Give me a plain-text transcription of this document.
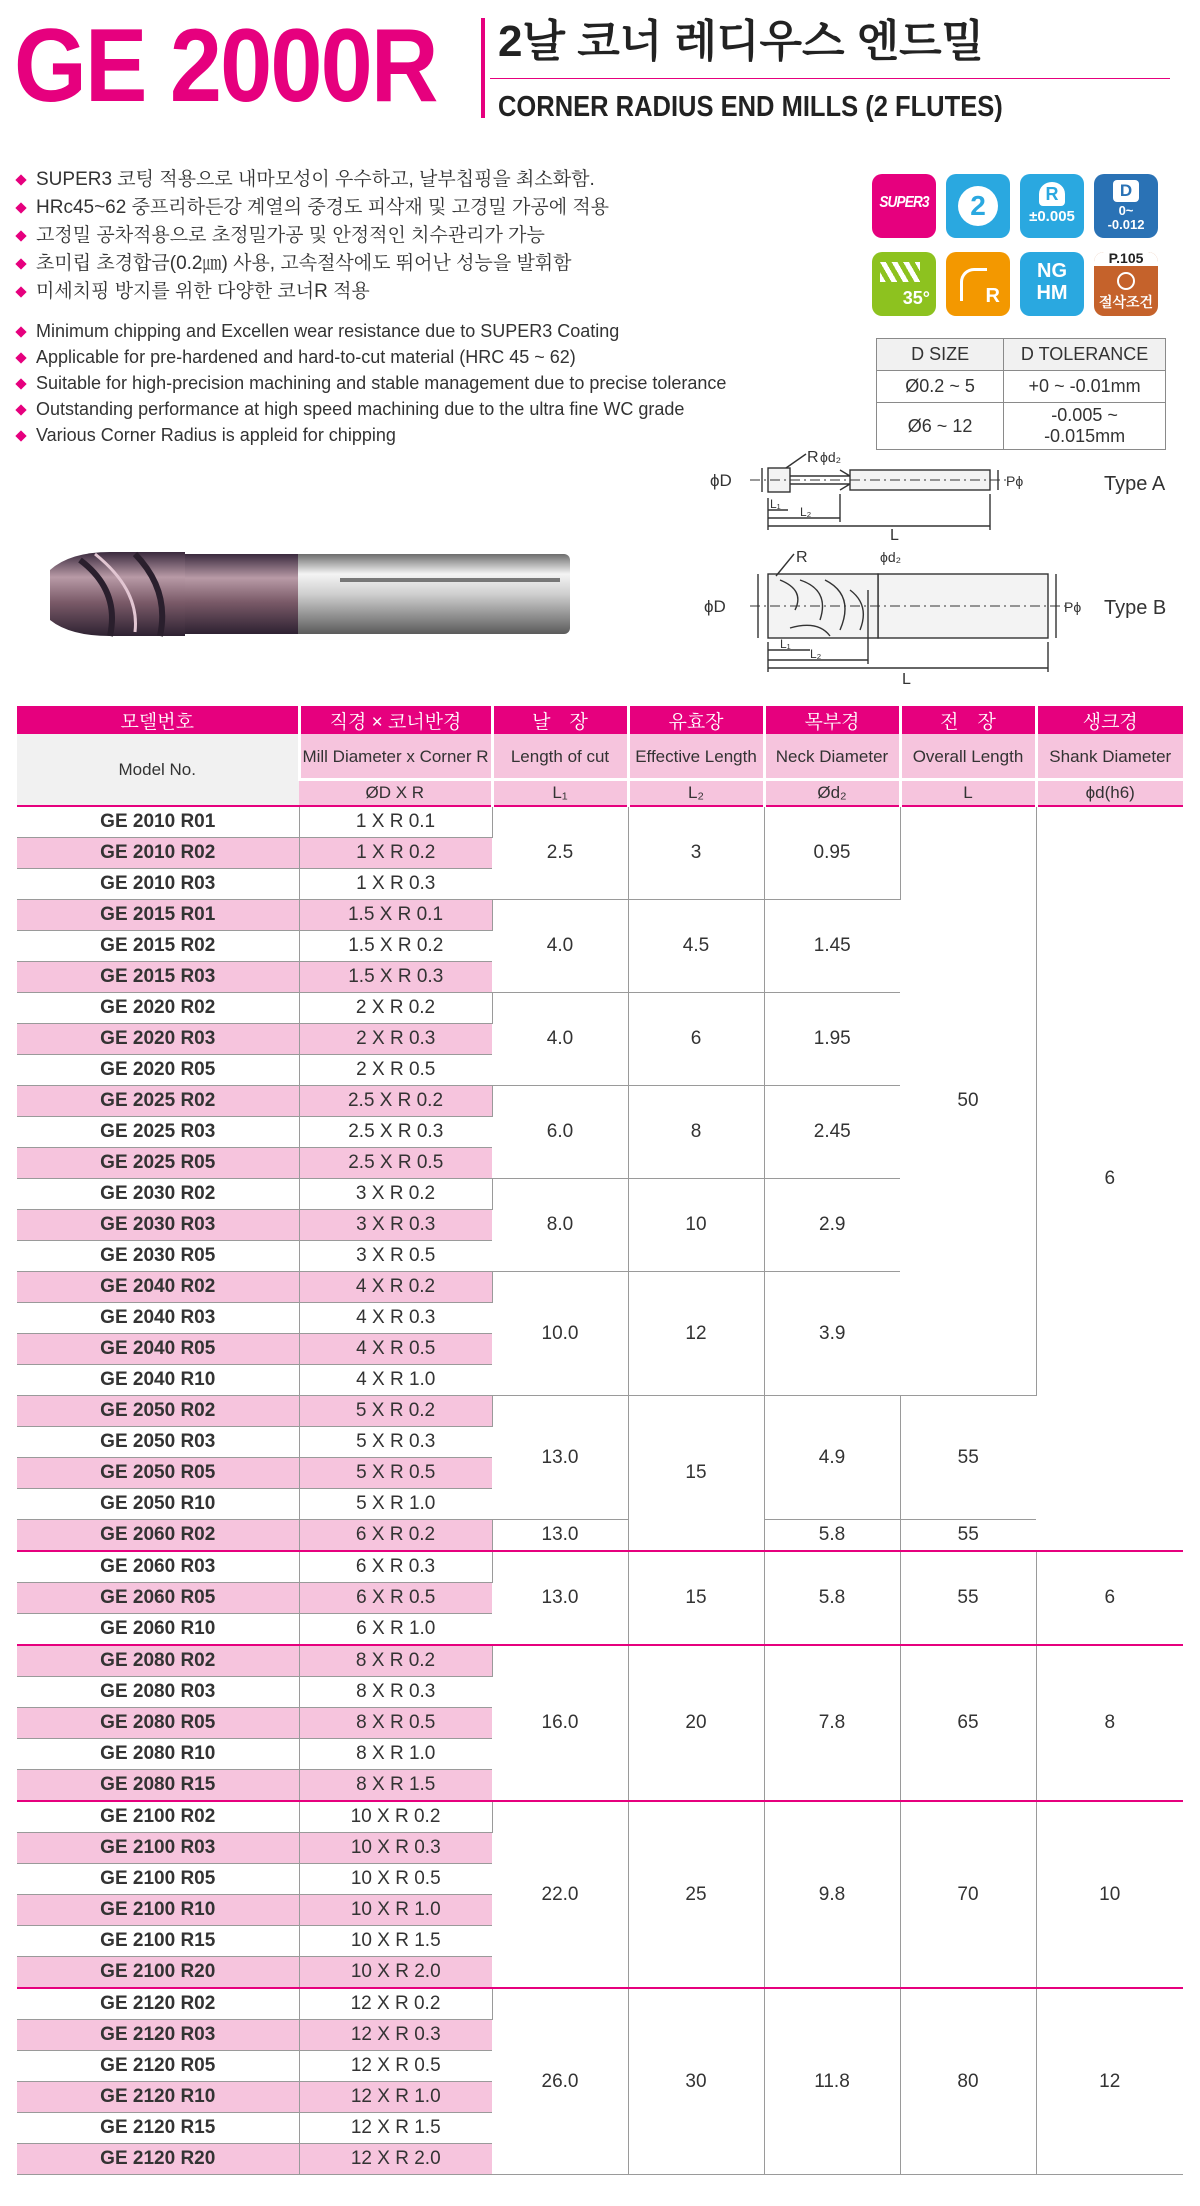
GE 2000R 2날 코너 레디우스 엔드밀
CORNER RADIUS END MILLS (2 FLUTES)
SUPER3 코팅 적용으로 내마모성이 우수하고, 날부칩핑을 최소화함.
HRc45~62 중프리하든강 계열의 중경도 피삭재 및 고경밀 가공에 적용
고정밀 공차적용으로 초정밀가공 및 안정적인 치수관리가 가능
초미립 초경합금(0.2㎛) 사용, 고속절삭에도 뛰어난 성능을 발휘함
미세치핑 방지를 위한 다양한 코너R 적용
Minimum chipping and Excellen wear resistance due to SUPER3 Coating
Applicable for pre-hardened and hard-to-cut material (HRC 45 ~ 62)
Suitable for high-precision machining and stable management due to precise tolerance
Outstanding performance at high speed machining due to the ultra fine WC grade
Various Corner Radius is appleid for chipping
SUPER3	2	R
±0.005
D
0~
-0.012
35°	R
NG
HM
P.105
절삭조건
D SIZE	D TOLERANCE
Ø0.2 ~ 5	+0 ~ -0.01mm
Ø6 ~ 12	-0.005 ~ -0.015mm
ϕD
R ϕd₂
L₁
L₂
L
Pϕ	Type A
ϕD
R	ϕd₂
L₁
L₂
L
Pϕ Type B
모델번호	직경 × 코너반경	날　장	유효장	목부경	전　장	생크경
Model No.	Mill Diameter x Corner R	Length of cut	Effective Length	Neck Diameter	Overall Length	Shank Diameter
	ØD X R	L₁	L₂	Ød₂	L	ϕd(h6)
GE 2010 R01	1 X R 0.1	2.5	3	0.95	50	6
GE 2010 R02	1 X R 0.2					
GE 2010 R03	1 X R 0.3					
GE 2015 R01	1.5 X R 0.1	4.0	4.5	1.45		
GE 2015 R02	1.5 X R 0.2					
GE 2015 R03	1.5 X R 0.3					
GE 2020 R02	2 X R 0.2	4.0	6	1.95		
GE 2020 R03	2 X R 0.3					
GE 2020 R05	2 X R 0.5					
GE 2025 R02	2.5 X R 0.2	6.0	8	2.45		
GE 2025 R03	2.5 X R 0.3					
GE 2025 R05	2.5 X R 0.5					
GE 2030 R02	3 X R 0.2	8.0	10	2.9		
GE 2030 R03	3 X R 0.3					
GE 2030 R05	3 X R 0.5					
GE 2040 R02	4 X R 0.2	10.0	12	3.9		
GE 2040 R03	4 X R 0.3					
GE 2040 R05	4 X R 0.5					
GE 2040 R10	4 X R 1.0					
GE 2050 R02	5 X R 0.2	13.0	15	4.9	55	
GE 2050 R03	5 X R 0.3					
GE 2050 R05	5 X R 0.5					
GE 2050 R10	5 X R 1.0					
GE 2060 R02	6 X R 0.2	13.0		5.8	55	
GE 2060 R03	6 X R 0.3	13.0	15	5.8	55	6
GE 2060 R05	6 X R 0.5					
GE 2060 R10	6 X R 1.0					
GE 2080 R02	8 X R 0.2	16.0	20	7.8	65	8
GE 2080 R03	8 X R 0.3					
GE 2080 R05	8 X R 0.5					
GE 2080 R10	8 X R 1.0					
GE 2080 R15	8 X R 1.5					
GE 2100 R02	10 X R 0.2	22.0	25	9.8	70	10
GE 2100 R03	10 X R 0.3					
GE 2100 R05	10 X R 0.5					
GE 2100 R10	10 X R 1.0					
GE 2100 R15	10 X R 1.5					
GE 2100 R20	10 X R 2.0					
GE 2120 R02	12 X R 0.2	26.0	30	11.8	80	12
GE 2120 R03	12 X R 0.3					
GE 2120 R05	12 X R 0.5					
GE 2120 R10	12 X R 1.0					
GE 2120 R15	12 X R 1.5					
GE 2120 R20	12 X R 2.0					
